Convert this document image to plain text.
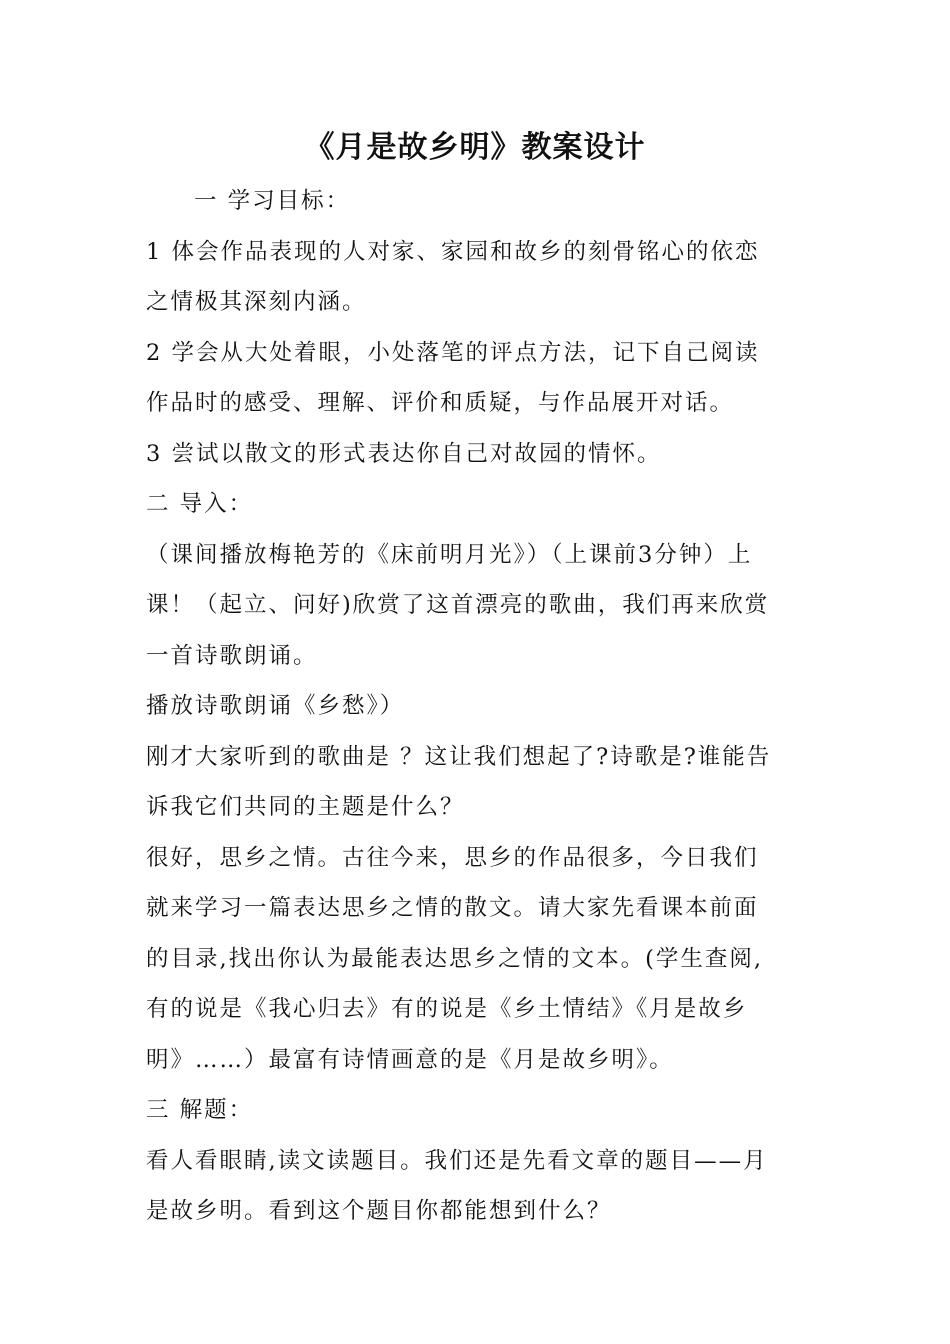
《月是故乡明》教案设计
一 学习目标：
1 体会作品表现的人对家、家园和故乡的刻骨铭心的依恋
之情极其深刻内涵。
2 学会从大处着眼，小处落笔的评点方法，记下自己阅读
作品时的感受、理解、评价和质疑，与作品展开对话。
3 尝试以散文的形式表达你自己对故园的情怀。
二 导入：
（课间播放梅艳芳的《床前明月光》）（上课前3分钟）上
课！（起立、问好)欣赏了这首漂亮的歌曲，我们再来欣赏
一首诗歌朗诵。
播放诗歌朗诵《乡愁》）
刚才大家听到的歌曲是 ？这让我们想起了?诗歌是?谁能告
诉我它们共同的主题是什么？
很好，思乡之情。古往今来，思乡的作品很多，今日我们
就来学习一篇表达思乡之情的散文。请大家先看课本前面
的目录,找出你认为最能表达思乡之情的文本。(学生查阅,
有的说是《我心归去》有的说是《乡土情结》《月是故乡
明》……）最富有诗情画意的是《月是故乡明》。
三 解题：
看人看眼睛,读文读题目。我们还是先看文章的题目——月
是故乡明。看到这个题目你都能想到什么？
